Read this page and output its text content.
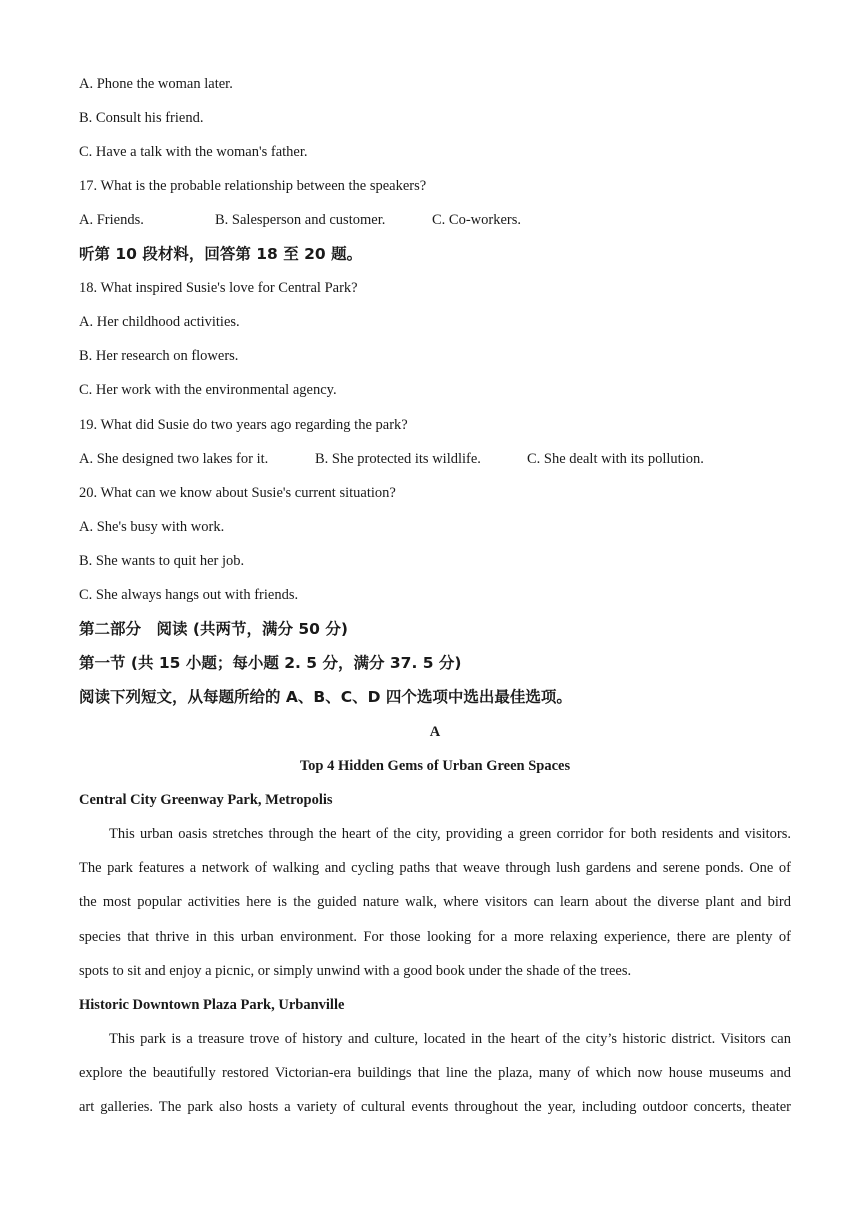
A. Phone the woman later.
B. Consult his friend.
C. Have a talk with the woman's father.
17. What is the probable relationship between the speakers?
A. Friends.	B. Salesperson and customer.	C. Co-workers.
听第 10 段材料，回答第 18 至 20 题。
18. What inspired Susie's love for Central Park?
A. Her childhood activities.
B. Her research on flowers.
C. Her work with the environmental agency.
19. What did Susie do two years ago regarding the park?
A. She designed two lakes for it.	B. She protected its wildlife.	C. She dealt with its pollution.
20. What can we know about Susie's current situation?
A. She's busy with work.
B. She wants to quit her job.
C. She always hangs out with friends.
第二部分　阅读 (共两节，满分 50 分)
第一节 (共 15 小题；每小题 2. 5 分，满分 37. 5 分)
阅读下列短文，从每题所给的 A、B、C、D 四个选项中选出最佳选项。
A
Top 4 Hidden Gems of Urban Green Spaces
Central City Greenway Park, Metropolis
This urban oasis stretches through the heart of the city, providing a green corridor for both residents and visitors.
The park features a network of walking and cycling paths that weave through lush gardens and serene ponds. One of
the most popular activities here is the guided nature walk, where visitors can learn about the diverse plant and bird
species that thrive in this urban environment. For those looking for a more relaxing experience, there are plenty of
spots to sit and enjoy a picnic, or simply unwind with a good book under the shade of the trees.
Historic Downtown Plaza Park, Urbanville
This park is a treasure trove of history and culture, located in the heart of the city’s historic district. Visitors can
explore the beautifully restored Victorian-era buildings that line the plaza, many of which now house museums and
art galleries. The park also hosts a variety of cultural events throughout the year, including outdoor concerts, theater
